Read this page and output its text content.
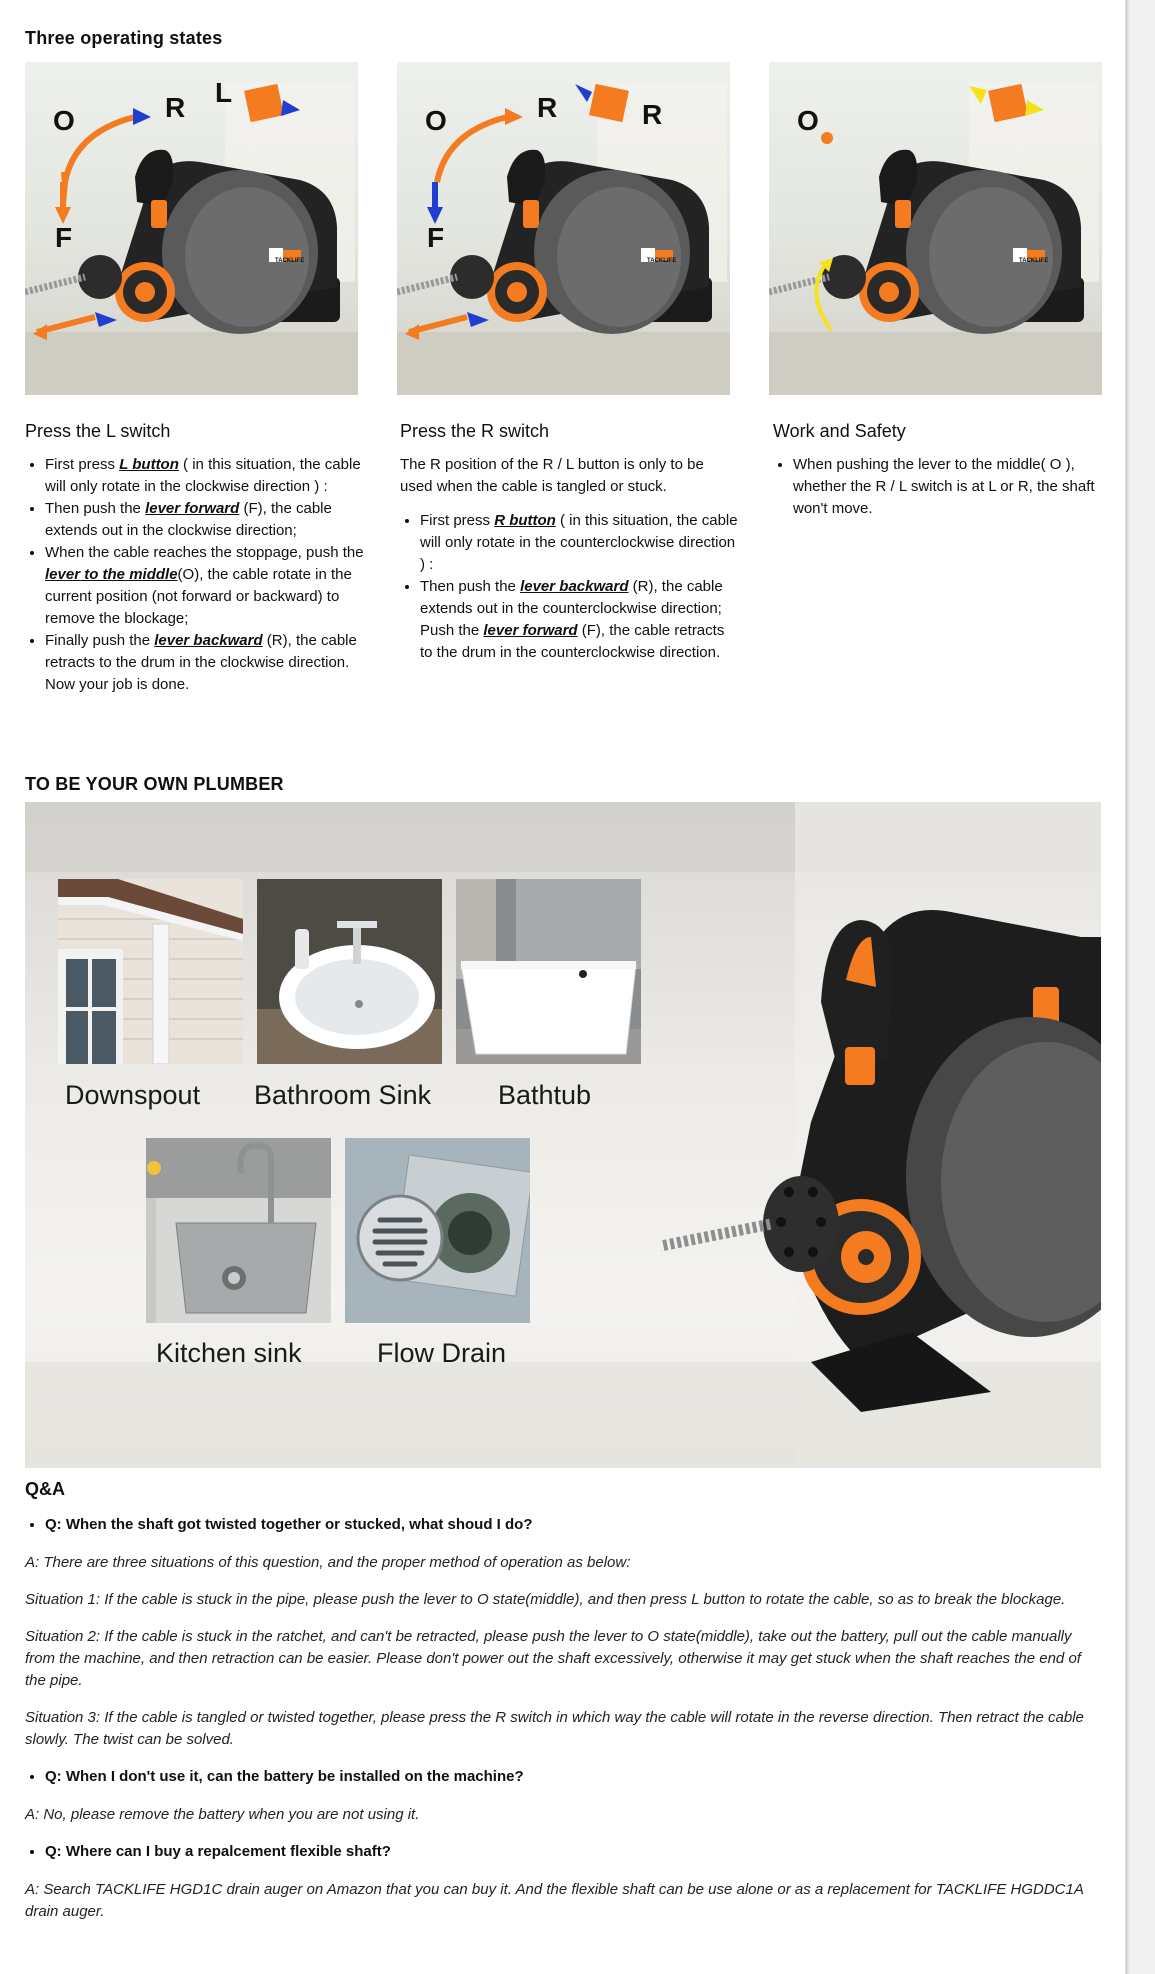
Three operating states
O	R L
F
TACKLIFE
O	R	R
F
TACKLIFE
O
TACKLIFE
Press the L switch
• First press L button ( in this situation, the cable will only rotate in the clockwise direction ) :
• Then push the lever forward (F), the cable extends out in the clockwise direction;
• When the cable reaches the stoppage, push the lever to the middle(O), the cable rotate in the current position (not forward or backward) to remove the blockage;
• Finally push the lever backward (R), the cable retracts to the drum in the clockwise direction. Now your job is done.
Press the R switch

The R position of the R / L button is only to be used when the cable is tangled or stuck.

• First press R button ( in this situation, the cable will only rotate in the counterclockwise direction ) :
• Then push the lever backward (R), the cable extends out in the counterclockwise direction; Push the lever forward (F), the cable retracts to the drum in the counterclockwise direction.
Work and Safety
• When pushing the lever to the middle( O ), whether the R / L switch is at L or R, the shaft won't move.
TO BE YOUR OWN PLUMBER
Downspout Bathroom Sink Bathtub
Kitchen sink	Flow Drain
Q&A
• Q: When the shaft got twisted together or stucked, what shoud I do?

A: There are three situations of this question, and the proper method of operation as below:

Situation 1: If the cable is stuck in the pipe, please push the lever to O state(middle), and then press L button to rotate the cable, so as to break the blockage.

Situation 2: If the cable is stuck in the ratchet, and can't be retracted, please push the lever to O state(middle), take out the battery, pull out the cable manually from the machine, and then retraction can be easier. Please don't power out the shaft excessively, otherwise it may get stuck when the shaft reaches the end of the pipe.

Situation 3: If the cable is tangled or twisted together, please press the R switch in which way the cable will rotate in the reverse direction. Then retract the cable slowly. The twist can be solved.

• Q: When I don't use it, can the battery be installed on the machine?

A: No, please remove the battery when you are not using it.

• Q: Where can I buy a repalcement flexible shaft?

A: Search TACKLIFE HGD1C drain auger on Amazon that you can buy it. And the flexible shaft can be use alone or as a replacement for TACKLIFE HGDDC1A drain auger.
